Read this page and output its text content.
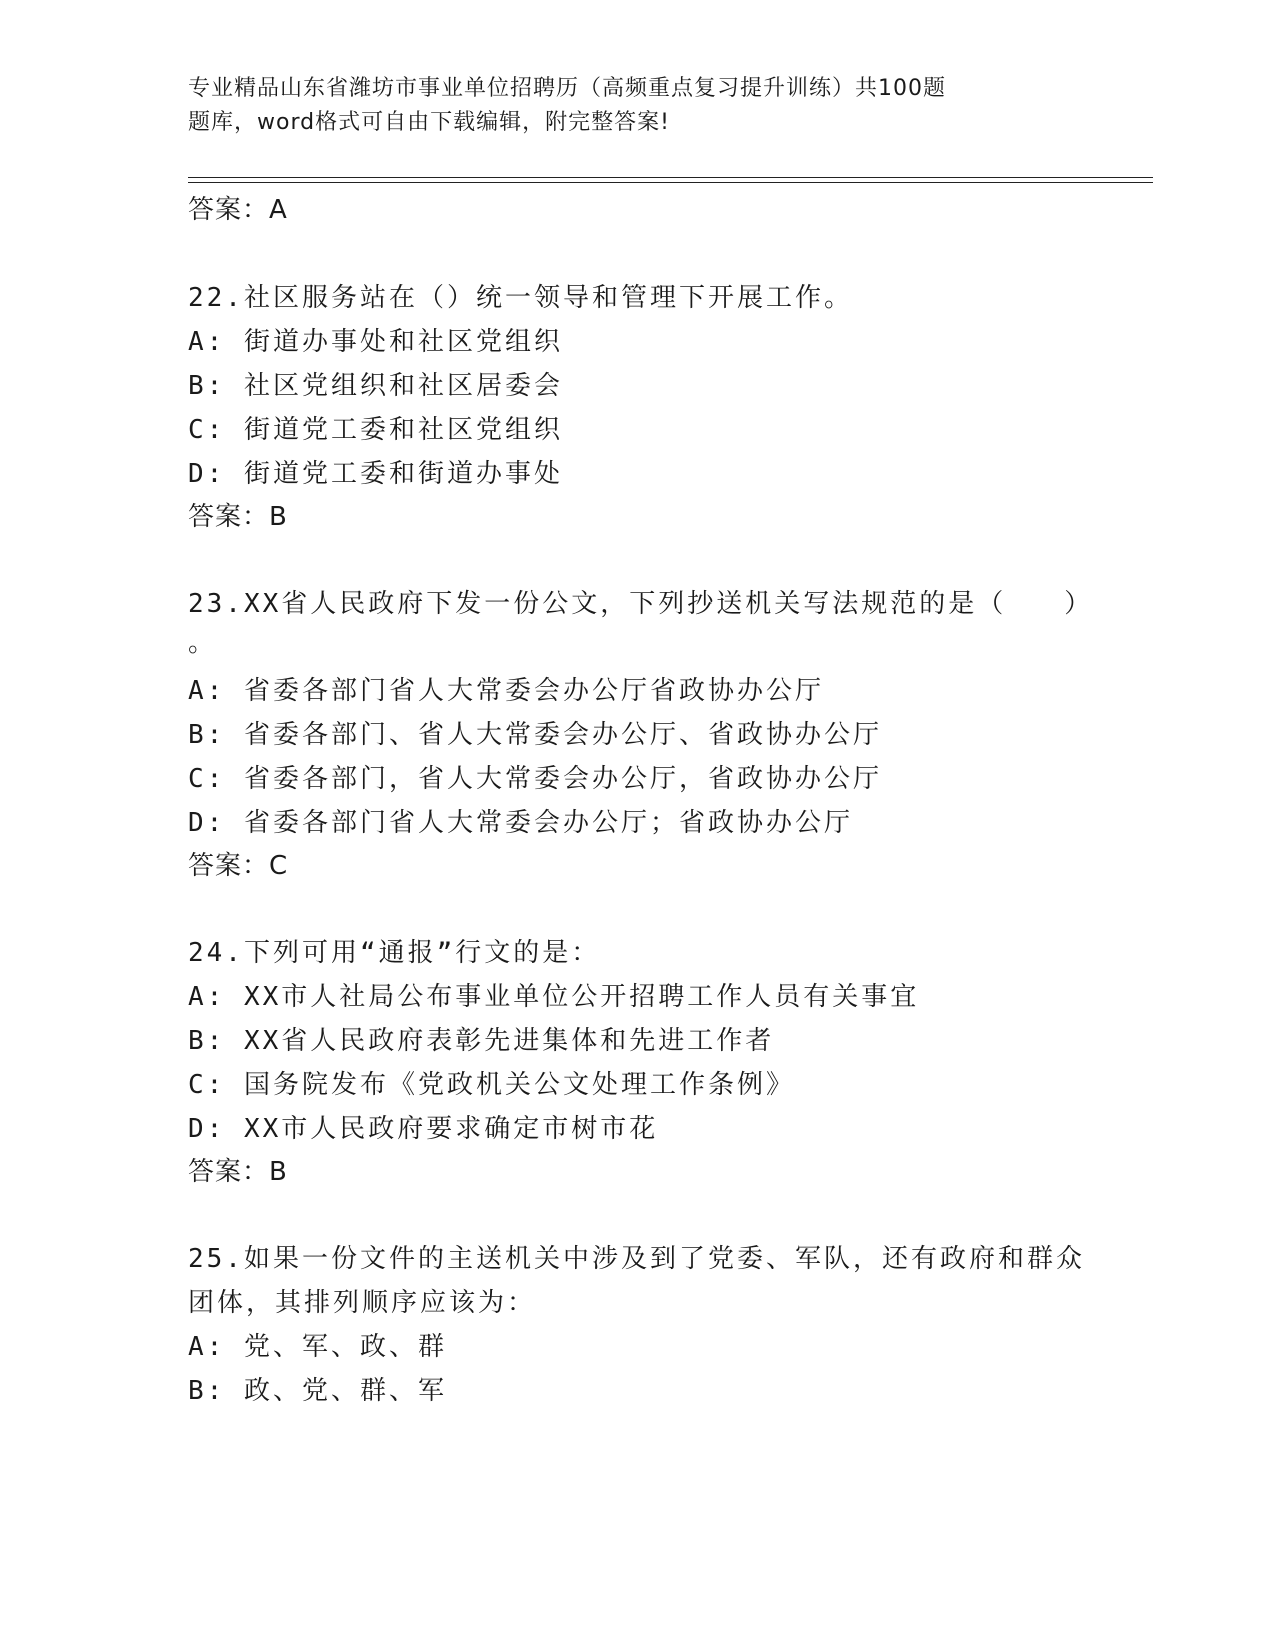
专业精品山东省潍坊市事业单位招聘历（高频重点复习提升训练）共100题
题库，word格式可自由下载编辑，附完整答案!
答案：A
22.社区服务站在（）统一领导和管理下开展工作。
A: 街道办事处和社区党组织
B: 社区党组织和社区居委会
C: 街道党工委和社区党组织
D: 街道党工委和街道办事处
答案：B
23.XX省人民政府下发一份公文，下列抄送机关写法规范的是（　　）
。
A: 省委各部门省人大常委会办公厅省政协办公厅
B: 省委各部门、省人大常委会办公厅、省政协办公厅
C: 省委各部门，省人大常委会办公厅，省政协办公厅
D: 省委各部门省人大常委会办公厅；省政协办公厅
答案：C
24.下列可用“通报”行文的是：
A: XX市人社局公布事业单位公开招聘工作人员有关事宜
B: XX省人民政府表彰先进集体和先进工作者
C: 国务院发布《党政机关公文处理工作条例》
D: XX市人民政府要求确定市树市花
答案：B
25.如果一份文件的主送机关中涉及到了党委、军队，还有政府和群众
团体，其排列顺序应该为：
A: 党、军、政、群
B: 政、党、群、军
